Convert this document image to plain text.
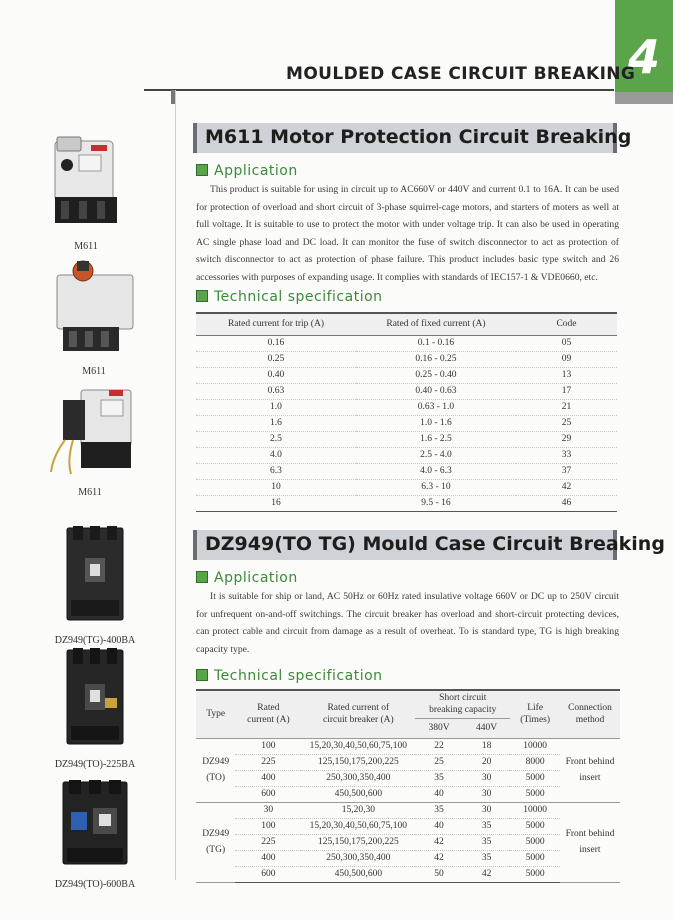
4
MOULDED CASE CIRCUIT BREAKING
M611
M611
M611
DZ949(TG)-400BA
DZ949(TO)-225BA
DZ949(TO)-600BA
M611 Motor Protection Circuit Breaking
Application
This product is suitable for using in circuit up to AC660V or 440V and current 0.1 to 16A. It can be used for protection of overload and short circuit of 3-phase squirrel-cage motors, and starters of moters as well at full voltage. It is suitable to use to protect the motor with under voltage trip. It can also be used in operating AC single phase load and DC load. It can monitor the fuse of switch disconnector to act as protection of switch disconnector to act as protection of phase failure. This product includes basic type switch and 26 accessories with purposes of expanding usage. It complies with standards of IEC157-1 & VDE0660, etc.
Technical specification
Rated current for trip (A)	Rated of fixed current (A)	Code
0.16	0.1 - 0.16	05
0.25	0.16 - 0.25	09
0.40	0.25 - 0.40	13
0.63	0.40 - 0.63	17
1.0	0.63 - 1.0	21
1.6	1.0 - 1.6	25
2.5	1.6 - 2.5	29
4.0	2.5 - 4.0	33
6.3	4.0 - 6.3	37
10	6.3 - 10	42
16	9.5 - 16	46
DZ949(TO TG) Mould Case Circuit Breaking
Application
It is suitable for ship or land, AC 50Hz or 60Hz rated insulative voltage 660V or DC up to 250V circuit for unfrequent on-and-off switchings. The circuit breaker has overload and short-circuit protecting devices, can protect cable and circuit from damage as a result of overheat. To is standard type, TG is high breaking capacity type.
Technical specification
Type	Rated current (A)	Rated current of circuit breaker (A)	Short circuit breaking capacity		Life (Times)	Connection method
			380V	440V		
DZ949 (TO)	100	15,20,30,40,50,60,75,100	22	18	10000	Front behind insert
	225	125,150,175,200,225	25	20	8000	
	400	250,300,350,400	35	30	5000	
	600	450,500,600	40	30	5000	
DZ949 (TG)	30	15,20,30	35	30	10000	Front behind insert
	100	15,20,30,40,50,60,75,100	40	35	5000	
	225	125,150,175,200,225	42	35	5000	
	400	250,300,350,400	42	35	5000	
	600	450,500,600	50	42	5000	
